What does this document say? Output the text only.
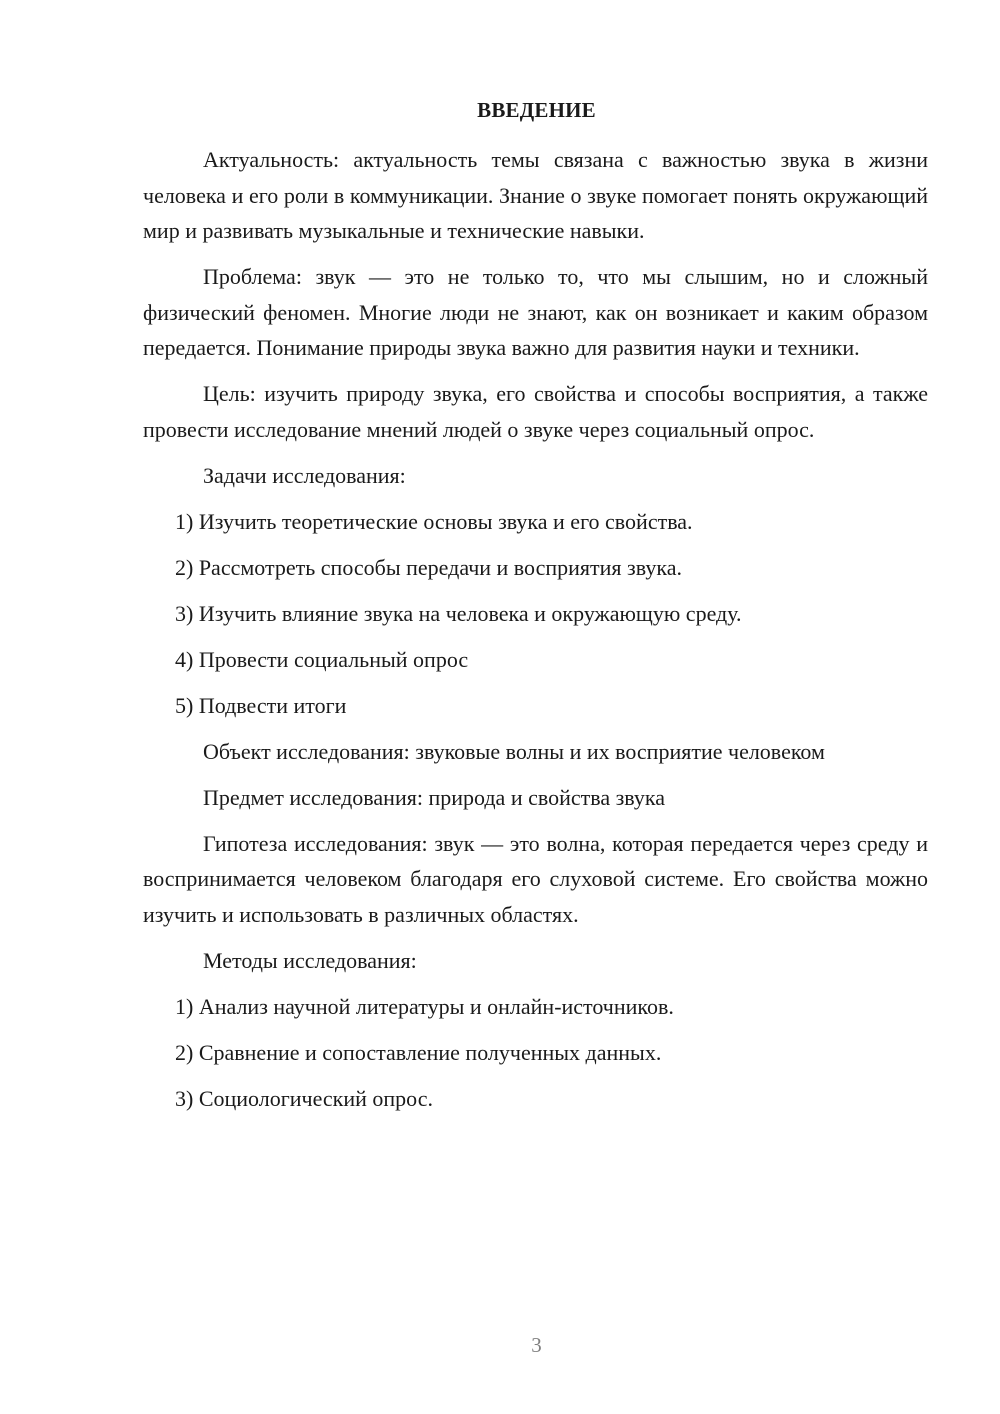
ВВЕДЕНИЕ

Актуальность: актуальность темы связана с важностью звука в жизни человека и его роли в коммуникации. Знание о звуке помогает понять окружающий мир и развивать музыкальные и технические навыки.

Проблема: звук — это не только то, что мы слышим, но и сложный физический феномен. Многие люди не знают, как он возникает и каким образом передается. Понимание природы звука важно для развития науки и техники.

Цель: изучить природу звука, его свойства и способы восприятия, а также провести исследование мнений людей о звуке через социальный опрос.

Задачи исследования:

1) Изучить теоретические основы звука и его свойства.

2) Рассмотреть способы передачи и восприятия звука.

3) Изучить влияние звука на человека и окружающую среду.

4) Провести социальный опрос

5) Подвести итоги

Объект исследования: звуковые волны и их восприятие человеком

Предмет исследования: природа и свойства звука

Гипотеза исследования: звук — это волна, которая передается через среду и воспринимается человеком благодаря его слуховой системе. Его свойства можно изучить и использовать в различных областях.

Методы исследования:

1) Анализ научной литературы и онлайн-источников.

2) Сравнение и сопоставление полученных данных.

3) Социологический опрос.

3
